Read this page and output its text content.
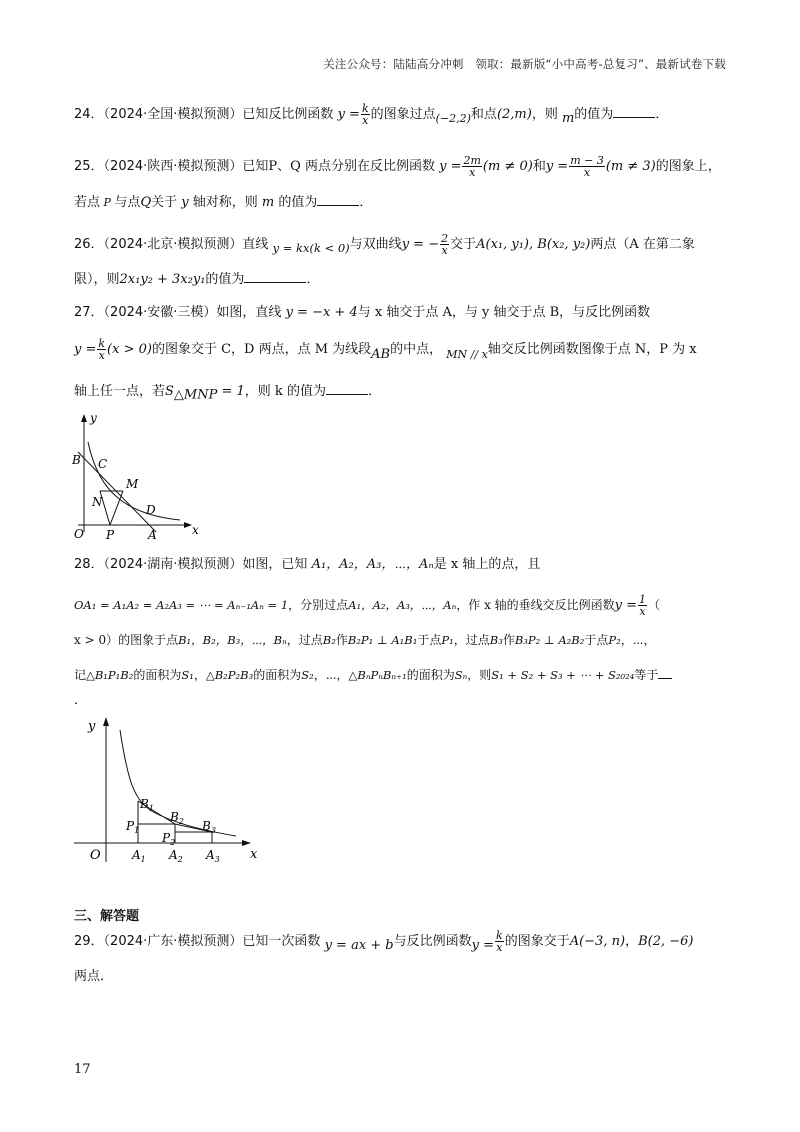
关注公众号：陆陆高分冲刺　领取：最新版“小中高考-总复习”、最新试卷下载
24．（2024·全国·模拟预测）已知反比例函数 $y = \frac{k}{x}$ 的图象过点$_{(-2,2)}$和点(2,m)，则 m的值为	．
25．（2024·陕西·模拟预测）已知P、Q 两点分别在反比例函数 $y = \frac{2m}{x} (m \ne 0)$和$y = \frac{m - 3}{x} (m \ne 3)$的图象上，
若点 P 与点Q关于 y 轴对称，则 m 的值为	．
26．（2024·北京·模拟预测）直线 y = kx(k < 0)与双曲线y = − $\frac{2}{x}$ 交于A(x₁, y₁), B(x₂, y₂)两点（A 在第二象
限），则2x₁y₂ + 3x₂y₁的值为	．
27．（2024·安徽·三模）如图，直线 y = −x + 4与 x 轴交于点 A，与 y 轴交于点 B，与反比例函数
$y = \frac{k}{x} (x > 0)$的图象交于 C，D 两点，点 M 为线段AB的中点， $_{MN // x}$轴交反比例函数图像于点 N，P 为 x
轴上任一点，若$S_{\triangle MNP} = 1$，则 k 的值为	．
y
x
B C
M
N
D
O P	A
28．（2024·湖南·模拟预测）如图，已知 A₁，A₂，A₃，⋯，Aₙ是 x 轴上的点，且
OA₁ = A₁A₂ = A₂A₃ = ⋯ = Aₙ₋₁Aₙ = 1，分别过点A₁，A₂，A₃，⋯，Aₙ，作 x 轴的垂线交反比例函数$y = \frac{1}{x}$ （
x > 0）的图象于点B₁，B₂，B₃，⋯，Bₙ，过点B₂作B₂P₁ ⊥ A₁B₁于点P₁，过点B₃作B₃P₂ ⊥ A₂B₂于点P₂，⋯，
记△B₁P₁B₂的面积为S₁，△B₂P₂B₃的面积为S₂，⋯，△BₙPₙBₙ₊₁的面积为Sₙ，则S₁ + S₂ + S₃ + ⋯ + S₂₀₂₄等于
．
y
x
O
$B_1$
$B_2$ $B_3$
$P_1$
$P_2$
$A_1$ $A_2$ $A_3$
三、解答题
29．（2024·广东·模拟预测）已知一次函数 y = ax + b与反比例函数$y = \frac{k}{x}$ 的图象交于A(−3, n)，B(2, −6)
两点．
17
